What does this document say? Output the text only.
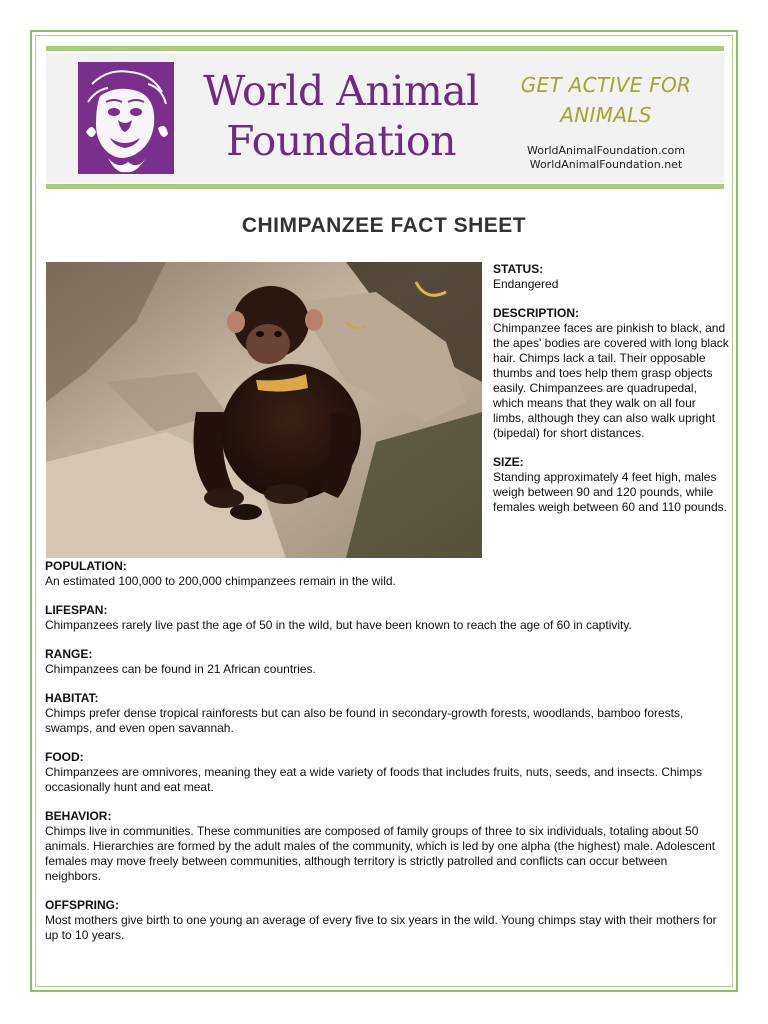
World Animal
Foundation
GET ACTIVE FOR
ANIMALS
WorldAnimalFoundation.com
WorldAnimalFoundation.net
CHIMPANZEE FACT SHEET
STATUS:
Endangered
DESCRIPTION:
Chimpanzee faces are pinkish to black, and the apes' bodies are covered with long black hair. Chimps lack a tail. Their opposable thumbs and toes help them grasp objects easily. Chimpanzees are quadrupedal, which means that they walk on all four limbs, although they can also walk upright (bipedal) for short distances.
SIZE:
Standing approximately 4 feet high, males weigh between 90 and 120 pounds, while females weigh between 60 and 110 pounds.
POPULATION:
An estimated 100,000 to 200,000 chimpanzees remain in the wild.
LIFESPAN:
Chimpanzees rarely live past the age of 50 in the wild, but have been known to reach the age of 60 in captivity.
RANGE:
Chimpanzees can be found in 21 African countries.
HABITAT:
Chimps prefer dense tropical rainforests but can also be found in secondary-growth forests, woodlands, bamboo forests, swamps, and even open savannah.
FOOD:
Chimpanzees are omnivores, meaning they eat a wide variety of foods that includes fruits, nuts, seeds, and insects. Chimps occasionally hunt and eat meat.
BEHAVIOR:
Chimps live in communities. These communities are composed of family groups of three to six individuals, totaling about 50 animals. Hierarchies are formed by the adult males of the community, which is led by one alpha (the highest) male. Adolescent females may move freely between communities, although territory is strictly patrolled and conflicts can occur between neighbors.
OFFSPRING:
Most mothers give birth to one young an average of every five to six years in the wild. Young chimps stay with their mothers for up to 10 years.
